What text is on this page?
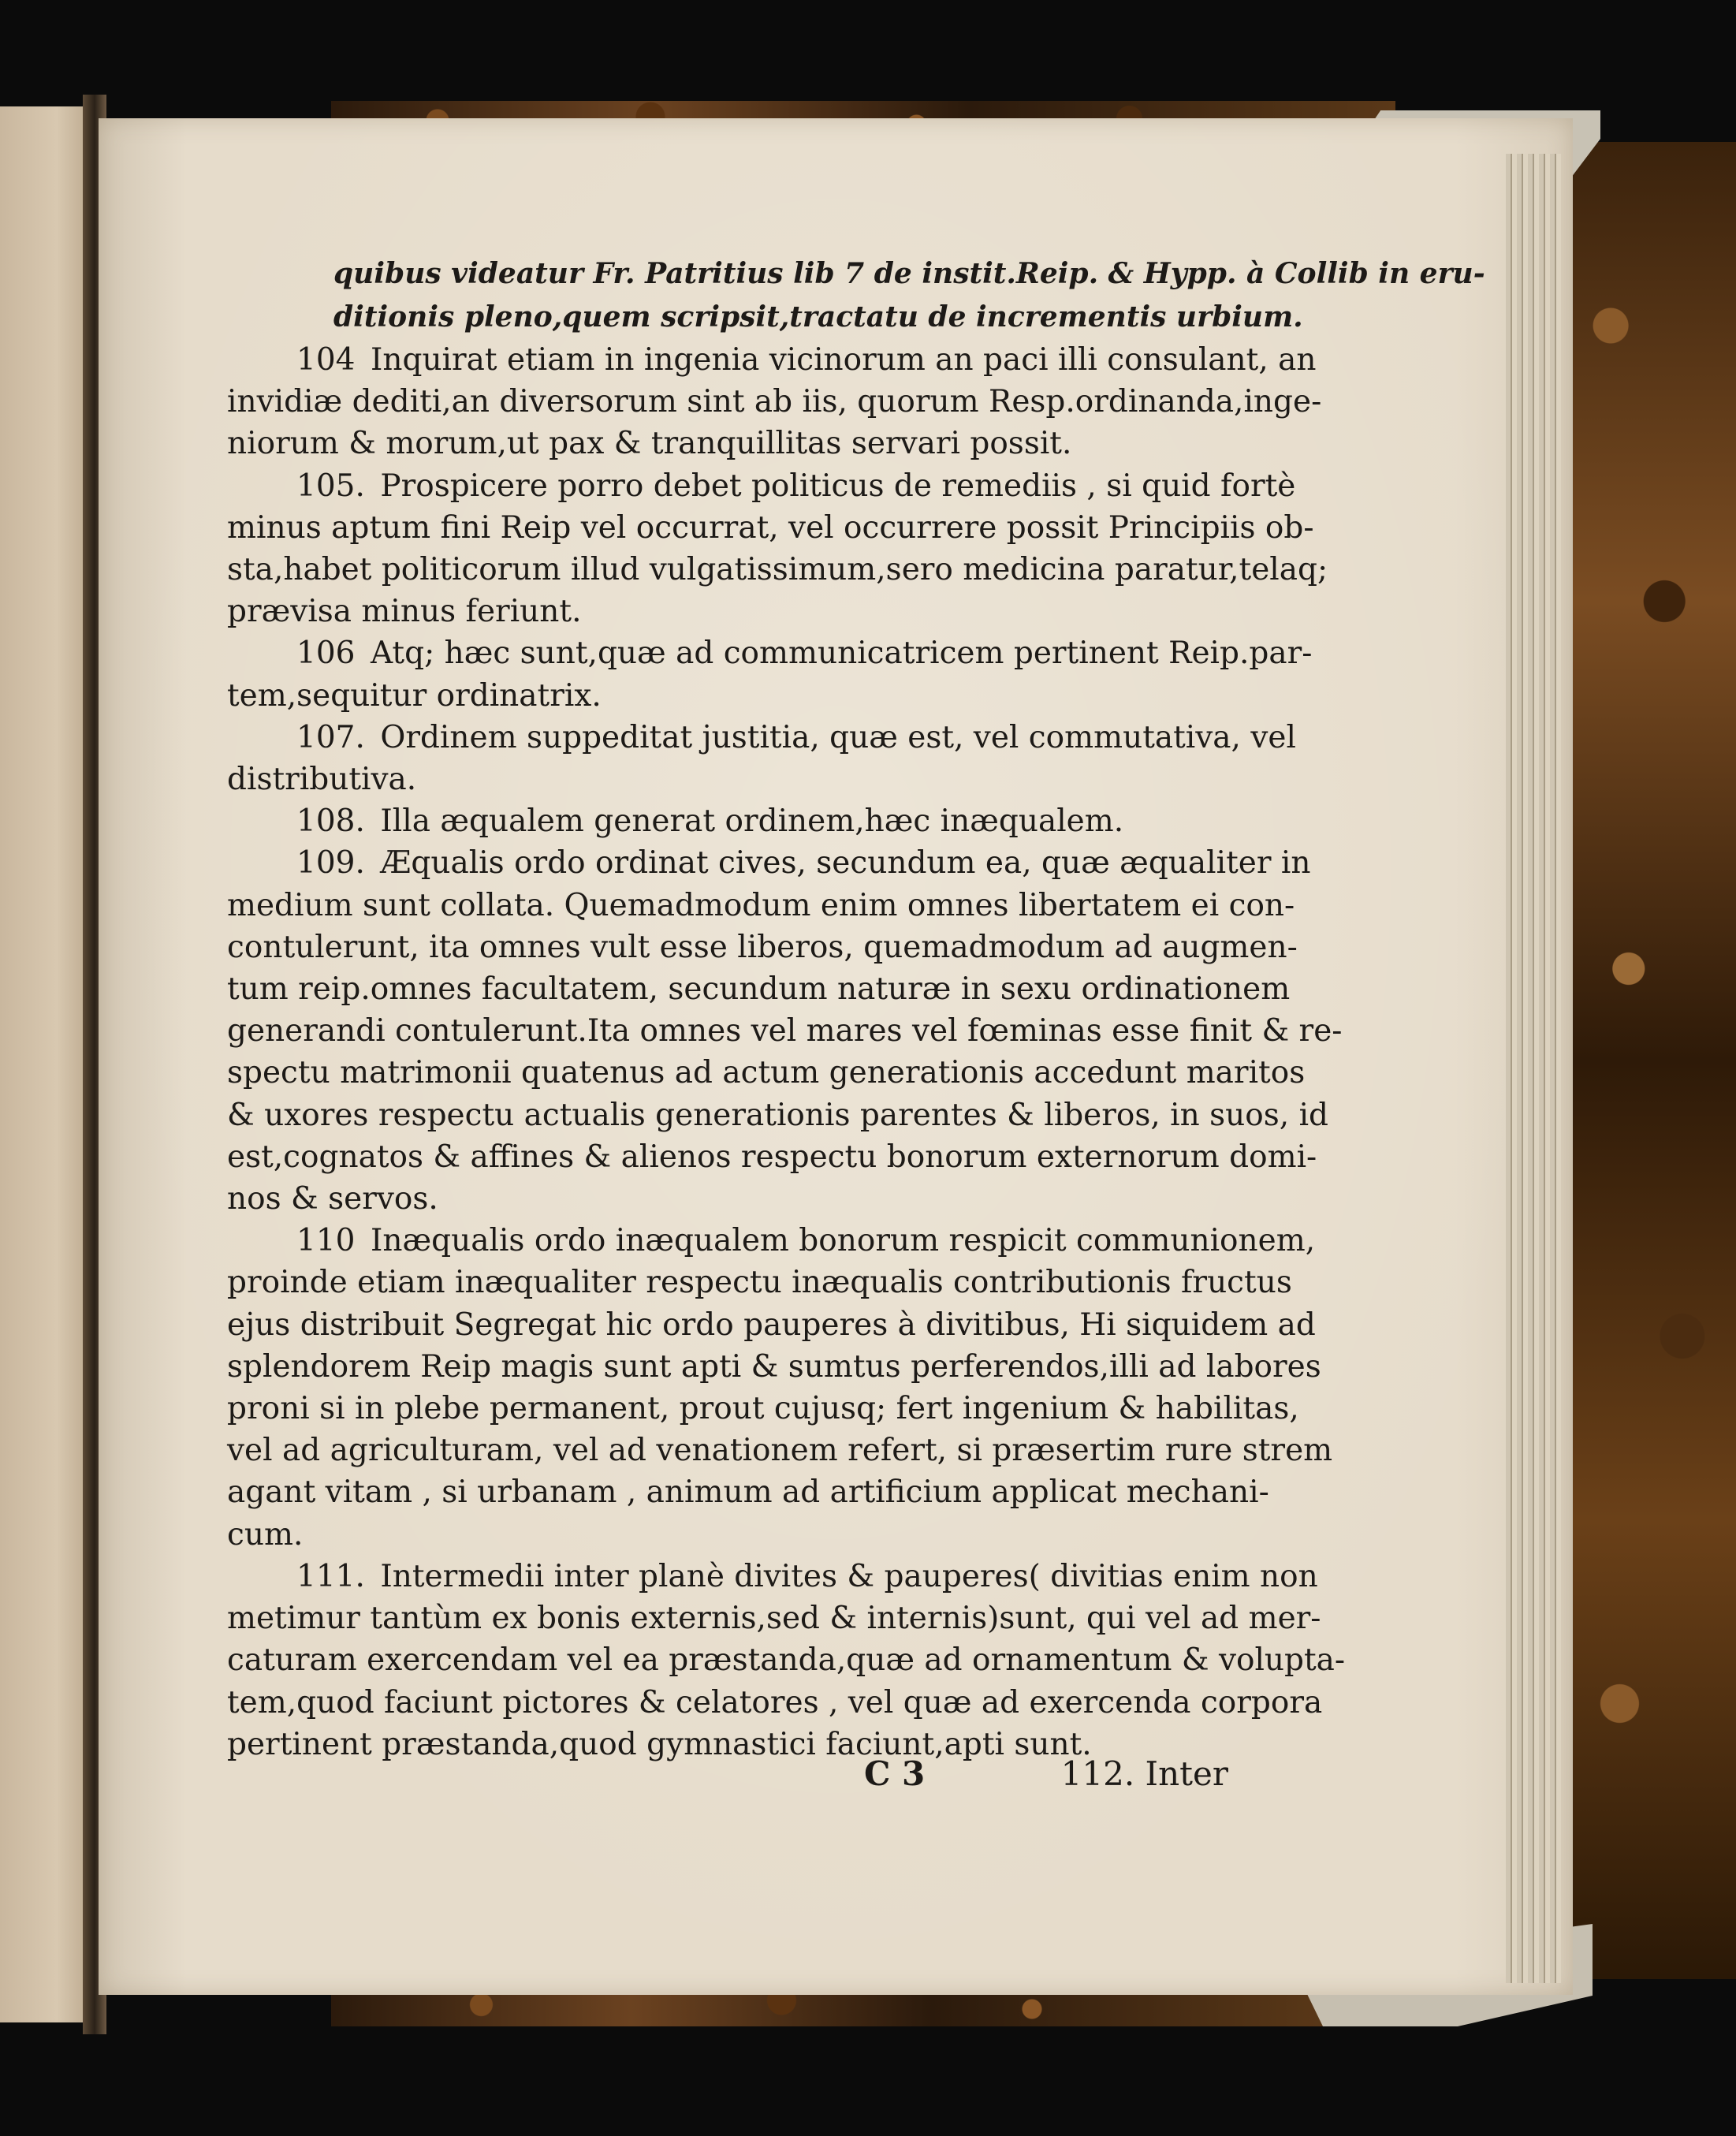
quibus videatur Fr. Patritius lib 7 de instit.Reip. & Hypp. à Collib in eru-
ditionis pleno,quem scripsit,tractatu de incrementis urbium.
104  Inquirat etiam in ingenia vicinorum an paci illi consulant, an
invidiæ dediti,an diversorum sint ab iis, quorum Resp.ordinanda,inge-
niorum & morum,ut pax & tranquillitas servari possit.
105.  Prospicere porro debet politicus de remediis , si quid fortè
minus aptum fini Reip vel occurrat, vel occurrere possit Principiis ob-
sta,habet politicorum illud vulgatissimum,sero medicina paratur,telaq;
prævisa minus feriunt.
106  Atq; hæc sunt,quæ ad communicatricem pertinent Reip.par-
tem,sequitur ordinatrix.
107.  Ordinem suppeditat justitia, quæ est, vel commutativa, vel
distributiva.
108.  Illa æqualem generat ordinem,hæc inæqualem.
109.  Æqualis ordo ordinat cives, secundum ea, quæ æqualiter in
medium sunt collata. Quemadmodum enim omnes libertatem ei con-
contulerunt, ita omnes vult esse liberos, quemadmodum ad augmen-
tum reip.omnes facultatem, secundum naturæ in sexu ordinationem
generandi contulerunt.Ita omnes vel mares vel fœminas esse finit & re-
spectu matrimonii quatenus ad actum generationis accedunt maritos
& uxores respectu actualis generationis parentes & liberos, in suos, id
est,cognatos & affines & alienos respectu bonorum externorum domi-
nos & servos.
110  Inæqualis ordo inæqualem bonorum respicit communionem,
proinde etiam inæqualiter respectu inæqualis contributionis fructus
ejus distribuit Segregat hic ordo pauperes à divitibus, Hi siquidem ad
splendorem Reip magis sunt apti & sumtus perferendos,illi ad labores
proni si in plebe permanent, prout cujusq; fert ingenium & habilitas,
vel ad agriculturam, vel ad venationem refert, si præsertim rure strem
agant vitam , si urbanam , animum ad artificium applicat mechani-
cum.
111.  Intermedii inter planè divites & pauperes( divitias enim non
metimur tantùm ex bonis externis,sed & internis)sunt, qui vel ad mer-
caturam exercendam vel ea præstanda,quæ ad ornamentum & volupta-
tem,quod faciunt pictores & celatores , vel quæ ad exercenda corpora
pertinent præstanda,quod gymnastici faciunt,apti sunt.
C 3	112. Inter
